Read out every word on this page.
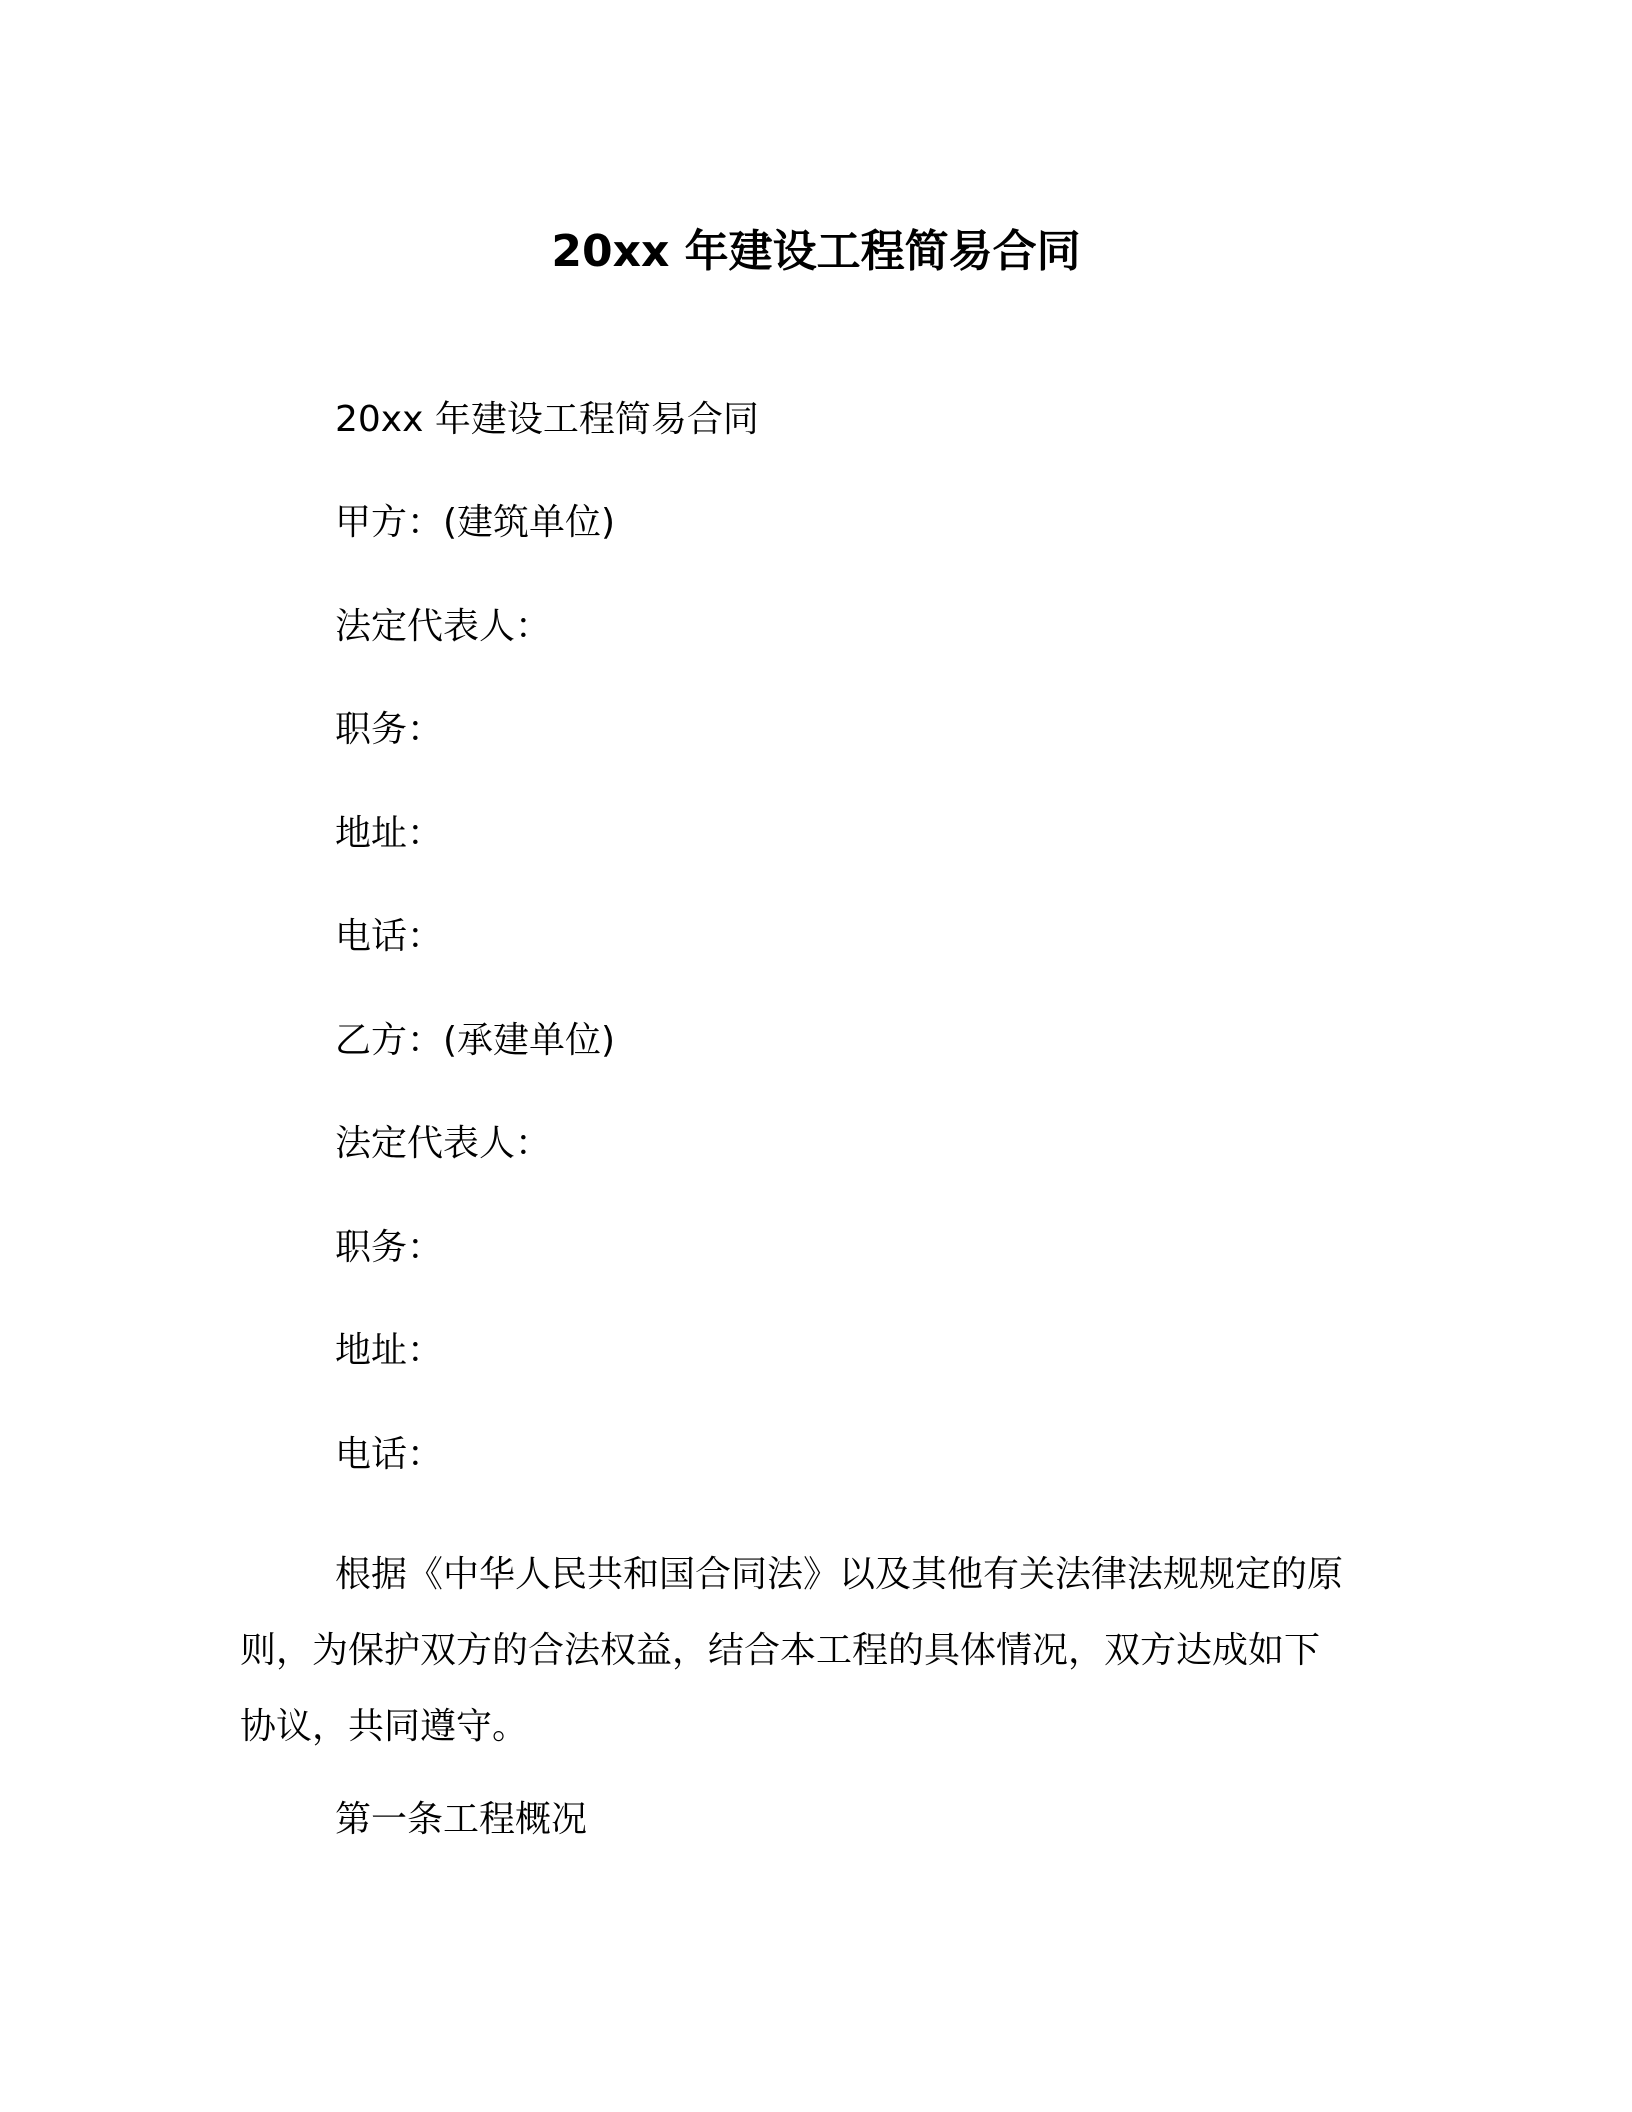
20xx 年建设工程简易合同
20xx 年建设工程简易合同
甲方：(建筑单位)
法定代表人：
职务：
地址：
电话：
乙方：(承建单位)
法定代表人：
职务：
地址：
电话：

根据《中华人民共和国合同法》以及其他有关法律法规规定的原

则，为保护双方的合法权益，结合本工程的具体情况，双方达成如下

协议，共同遵守。

第一条工程概况
